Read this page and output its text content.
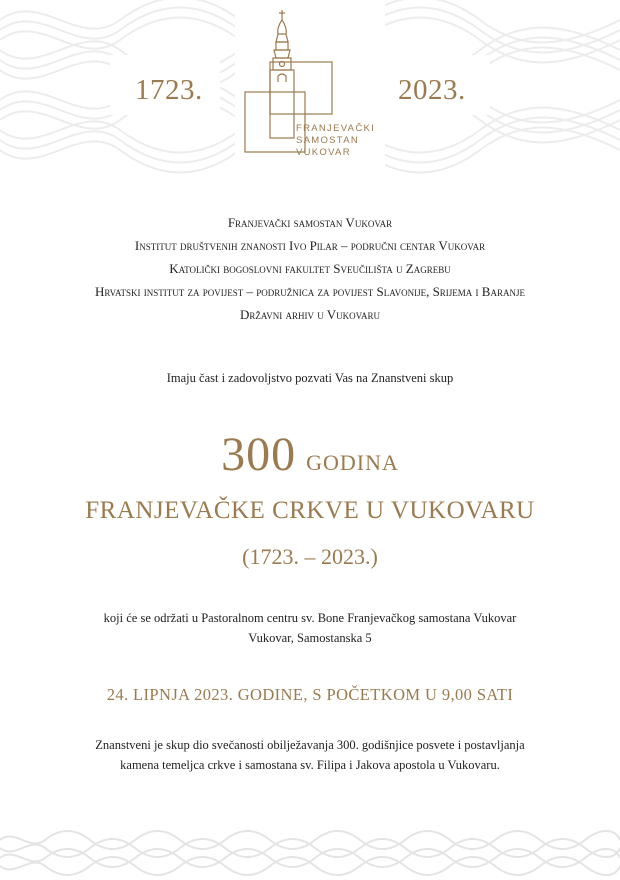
1723.	2023.
FRANJEVAČKI
SAMOSTAN
VUKOVAR
Franjevački samostan Vukovar
Institut društvenih znanosti Ivo Pilar – područni centar Vukovar
Katolički bogoslovni fakultet Sveučilišta u Zagrebu
Hrvatski institut za povijest – podružnica za povijest Slavonije, Srijema i Baranje
Državni arhiv u Vukovaru
Imaju čast i zadovoljstvo pozvati Vas na Znanstveni skup
300 GODINA
FRANJEVAČKE CRKVE U VUKOVARU
(1723. – 2023.)
koji će se održati u Pastoralnom centru sv. Bone Franjevačkog samostana Vukovar
Vukovar, Samostanska 5
24. LIPNJA 2023. GODINE, S POČETKOM U 9,00 SATI
Znanstveni je skup dio svečanosti obilježavanja 300. godišnjice posvete i postavljanja kamena temeljca crkve i samostana sv. Filipa i Jakova apostola u Vukovaru.
